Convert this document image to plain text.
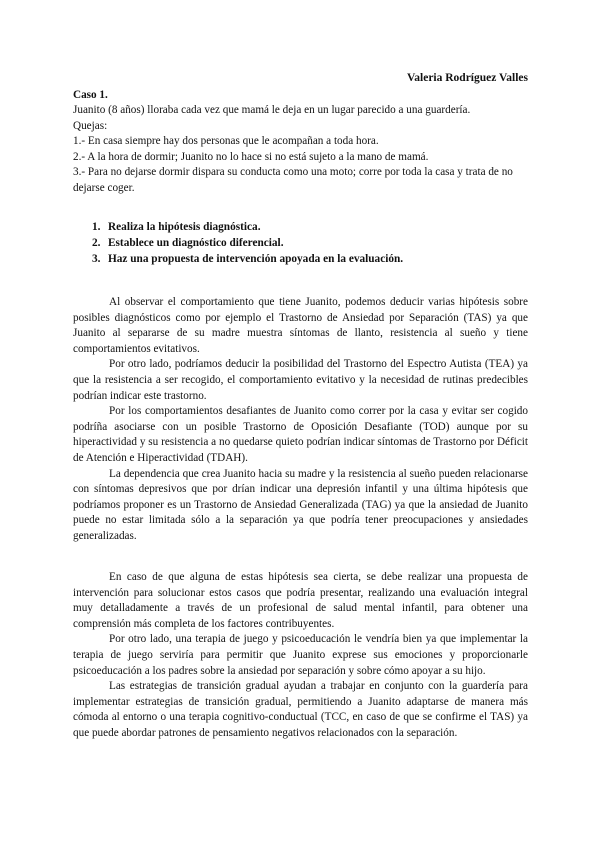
Valeria Rodríguez Valles
Caso 1.
Juanito (8 años) lloraba cada vez que mamá le deja en un lugar parecido a una guardería.
Quejas:
1.- En casa siempre hay dos personas que le acompañan a toda hora.
2.- A la hora de dormir; Juanito no lo hace si no está sujeto a la mano de mamá.
3.- Para no dejarse dormir dispara su conducta como una moto; corre por toda la casa y trata de no dejarse coger.
1. Realiza la hipótesis diagnóstica.
2. Establece un diagnóstico diferencial.
3. Haz una propuesta de intervención apoyada en la evaluación.

Al observar el comportamiento que tiene Juanito, podemos deducir varias hipótesis sobre posibles diagnósticos como por ejemplo el Trastorno de Ansiedad por Separación (TAS) ya que Juanito al separarse de su madre muestra síntomas de llanto, resistencia al sueño y tiene comportamientos evitativos.

Por otro lado, podríamos deducir la posibilidad del Trastorno del Espectro Autista (TEA) ya que la resistencia a ser recogido, el comportamiento evitativo y la necesidad de rutinas predecibles podrían indicar este trastorno.

Por los comportamientos desafiantes de Juanito como correr por la casa y evitar ser cogido podríña asociarse con un posible Trastorno de Oposición Desafiante (TOD) aunque por su hiperactividad y su resistencia a no quedarse quieto podrían indicar síntomas de Trastorno por Déficit de Atención e Hiperactividad (TDAH).

La dependencia que crea Juanito hacia su madre y la resistencia al sueño pueden relacionarse con síntomas depresivos que por drían indicar una depresión infantil y una última hipótesis que podríamos proponer es un Trastorno de Ansiedad Generalizada (TAG) ya que la ansiedad de Juanito puede no estar limitada sólo a la separación ya que podría tener preocupaciones y ansiedades generalizadas.

En caso de que alguna de estas hipótesis sea cierta, se debe realizar una propuesta de intervención para solucionar estos casos que podría presentar, realizando una evaluación integral muy detalladamente a través de un profesional de salud mental infantil, para obtener una comprensión más completa de los factores contribuyentes.

Por otro lado, una terapia de juego y psicoeducación le vendría bien ya que implementar la terapia de juego serviría para permitir que Juanito exprese sus emociones y proporcionarle psicoeducación a los padres sobre la ansiedad por separación y sobre cómo apoyar a su hijo.

Las estrategias de transición gradual ayudan a trabajar en conjunto con la guardería para implementar estrategias de transición gradual, permitiendo a Juanito adaptarse de manera más cómoda al entorno o una terapia cognitivo-conductual (TCC, en caso de que se confirme el TAS) ya que puede abordar patrones de pensamiento negativos relacionados con la separación.
